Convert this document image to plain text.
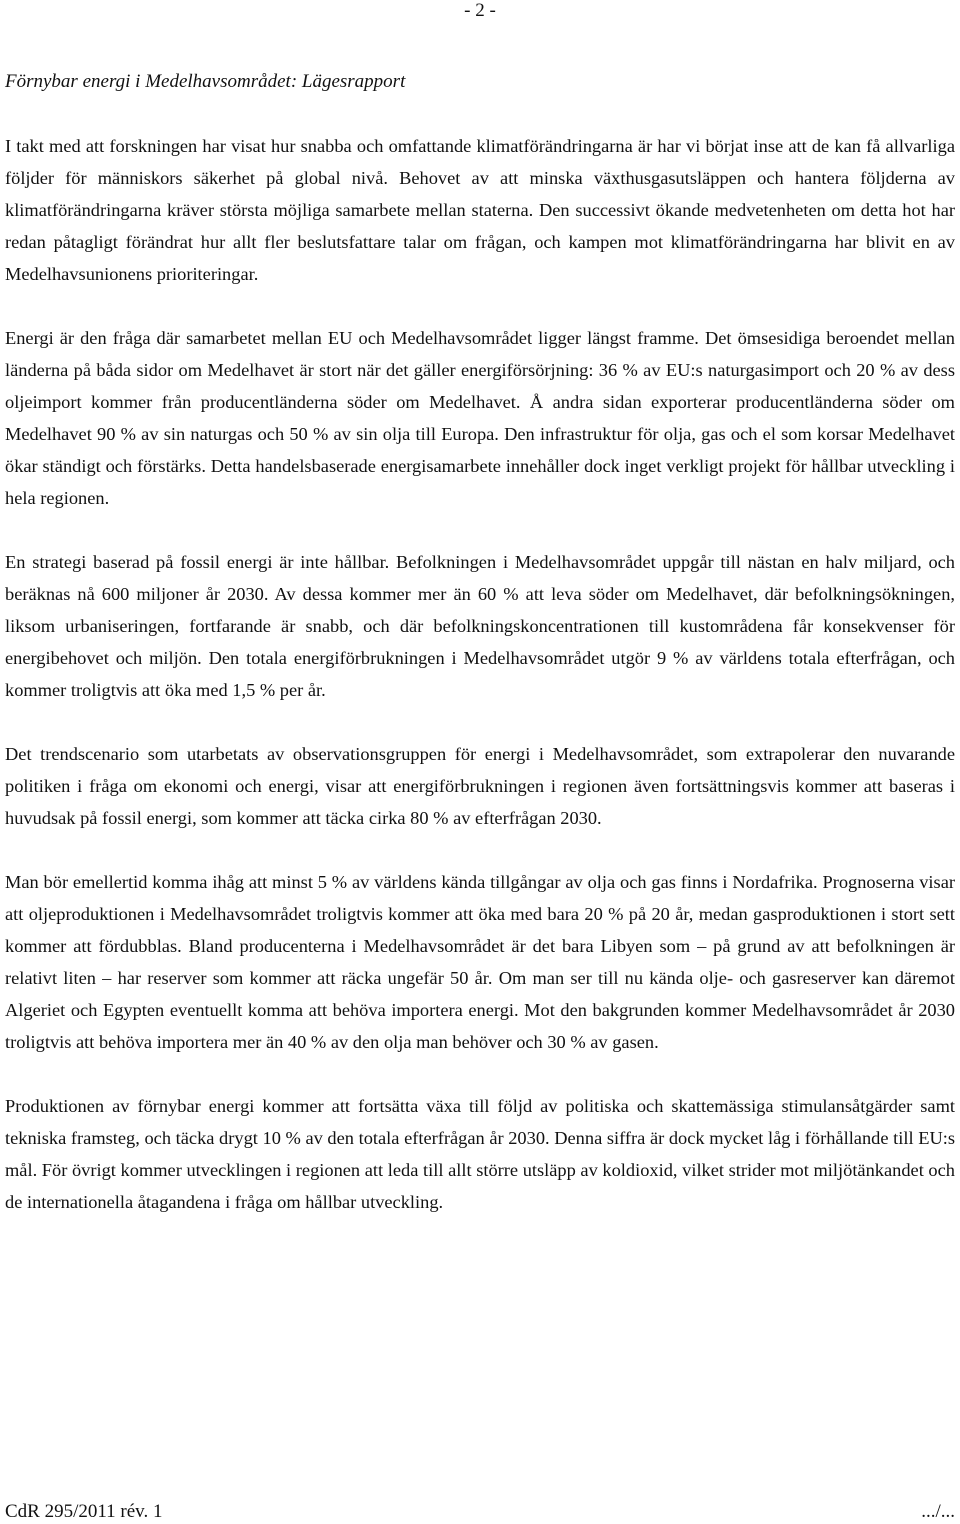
- 2 -
Förnybar energi i Medelhavsområdet: Lägesrapport

I takt med att forskningen har visat hur snabba och omfattande klimatförändringarna är har vi börjat inse att de kan få allvarliga följder för människors säkerhet på global nivå. Behovet av att minska växthusgasutsläppen och hantera följderna av klimatförändringarna kräver största möjliga samarbete mellan staterna. Den successivt ökande medvetenheten om detta hot har redan påtagligt förändrat hur allt fler beslutsfattare talar om frågan, och kampen mot klimatförändringarna har blivit en av Medelhavsunionens prioriteringar.

Energi är den fråga där samarbetet mellan EU och Medelhavsområdet ligger längst framme. Det ömsesidiga beroendet mellan länderna på båda sidor om Medelhavet är stort när det gäller energiförsörjning: 36 % av EU:s naturgasimport och 20 % av dess oljeimport kommer från producentländerna söder om Medelhavet. Å andra sidan exporterar producentländerna söder om Medelhavet 90 % av sin naturgas och 50 % av sin olja till Europa. Den infrastruktur för olja, gas och el som korsar Medelhavet ökar ständigt och förstärks. Detta handelsbaserade energisamarbete innehåller dock inget verkligt projekt för hållbar utveckling i hela regionen.

En strategi baserad på fossil energi är inte hållbar. Befolkningen i Medelhavsområdet uppgår till nästan en halv miljard, och beräknas nå 600 miljoner år 2030. Av dessa kommer mer än 60 % att leva söder om Medelhavet, där befolkningsökningen, liksom urbaniseringen, fortfarande är snabb, och där befolkningskoncentrationen till kustområdena får konsekvenser för energibehovet och miljön. Den totala energiförbrukningen i Medelhavsområdet utgör 9 % av världens totala efterfrågan, och kommer troligtvis att öka med 1,5 % per år.

Det trendscenario som utarbetats av observationsgruppen för energi i Medelhavsområdet, som extrapolerar den nuvarande politiken i fråga om ekonomi och energi, visar att energiförbrukningen i regionen även fortsättningsvis kommer att baseras i huvudsak på fossil energi, som kommer att täcka cirka 80 % av efterfrågan 2030.

Man bör emellertid komma ihåg att minst 5 % av världens kända tillgångar av olja och gas finns i Nordafrika. Prognoserna visar att oljeproduktionen i Medelhavsområdet troligtvis kommer att öka med bara 20 % på 20 år, medan gasproduktionen i stort sett kommer att fördubblas. Bland producenterna i Medelhavsområdet är det bara Libyen som – på grund av att befolkningen är relativt liten – har reserver som kommer att räcka ungefär 50 år. Om man ser till nu kända olje- och gasreserver kan däremot Algeriet och Egypten eventuellt komma att behöva importera energi. Mot den bakgrunden kommer Medelhavsområdet år 2030 troligtvis att behöva importera mer än 40 % av den olja man behöver och 30 % av gasen.

Produktionen av förnybar energi kommer att fortsätta växa till följd av politiska och skattemässiga stimulansåtgärder samt tekniska framsteg, och täcka drygt 10 % av den totala efterfrågan år 2030. Denna siffra är dock mycket låg i förhållande till EU:s mål. För övrigt kommer utvecklingen i regionen att leda till allt större utsläpp av koldioxid, vilket strider mot miljötänkandet och de internationella åtagandena i fråga om hållbar utveckling.

CdR 295/2011 rév. 1	.../...
